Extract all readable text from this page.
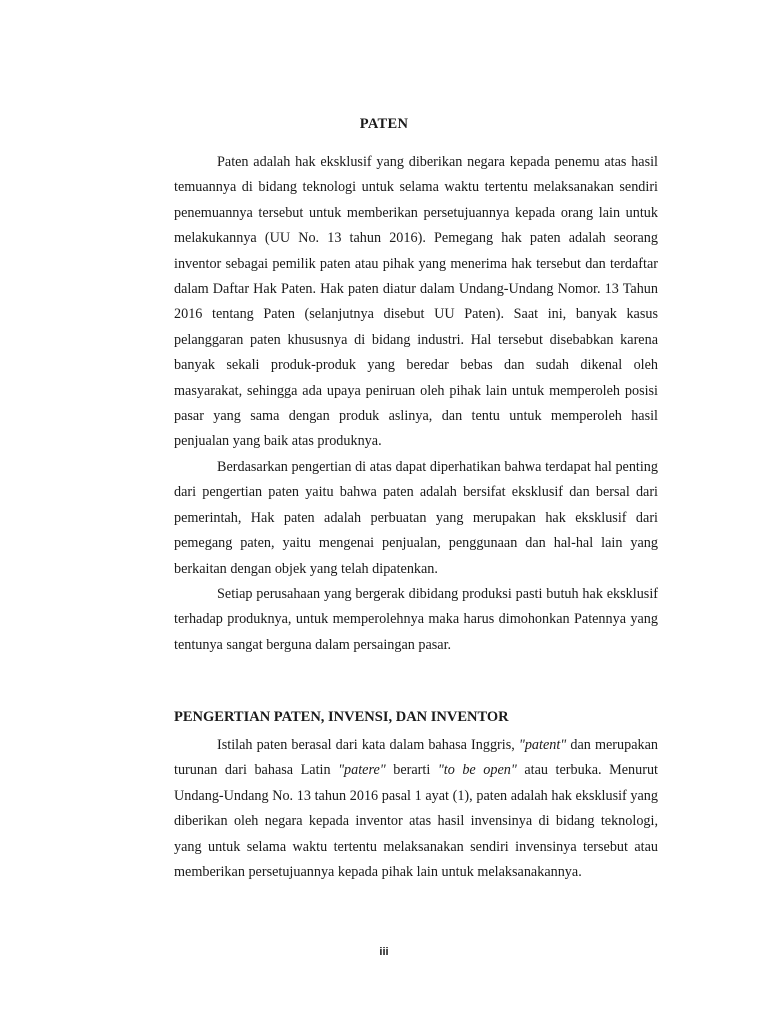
PATEN

Paten adalah hak eksklusif yang diberikan negara kepada penemu atas hasil temuannya di bidang teknologi untuk selama waktu tertentu melaksanakan sendiri penemuannya tersebut untuk memberikan persetujuannya kepada orang lain untuk melakukannya (UU No. 13 tahun 2016). Pemegang hak paten adalah seorang inventor sebagai pemilik paten atau pihak yang menerima hak tersebut dan terdaftar dalam Daftar Hak Paten. Hak paten diatur dalam Undang-Undang Nomor. 13 Tahun 2016 tentang Paten (selanjutnya disebut UU Paten). Saat ini, banyak kasus pelanggaran paten khususnya di bidang industri. Hal tersebut disebabkan karena banyak sekali produk-produk yang beredar bebas dan sudah dikenal oleh masyarakat, sehingga ada upaya peniruan oleh pihak lain untuk memperoleh posisi pasar yang sama dengan produk aslinya, dan tentu untuk memperoleh hasil penjualan yang baik atas produknya.

Berdasarkan pengertian di atas dapat diperhatikan bahwa terdapat hal penting dari pengertian paten yaitu bahwa paten adalah bersifat eksklusif dan bersal dari pemerintah, Hak paten adalah perbuatan yang merupakan hak eksklusif dari pemegang paten, yaitu mengenai penjualan, penggunaan dan hal-hal lain yang berkaitan dengan objek yang telah dipatenkan.

Setiap perusahaan yang bergerak dibidang produksi pasti butuh hak eksklusif terhadap produknya, untuk memperolehnya maka harus dimohonkan Patennya yang tentunya sangat berguna dalam persaingan pasar.

PENGERTIAN PATEN, INVENSI, DAN INVENTOR

Istilah paten berasal dari kata dalam bahasa Inggris, "patent" dan merupakan turunan dari bahasa Latin "patere" berarti "to be open" atau terbuka. Menurut Undang-Undang No. 13 tahun 2016 pasal 1 ayat (1), paten adalah hak eksklusif yang diberikan oleh negara kepada inventor atas hasil invensinya di bidang teknologi, yang untuk selama waktu tertentu melaksanakan sendiri invensinya tersebut atau memberikan persetujuannya kepada pihak lain untuk melaksanakannya.

iii
